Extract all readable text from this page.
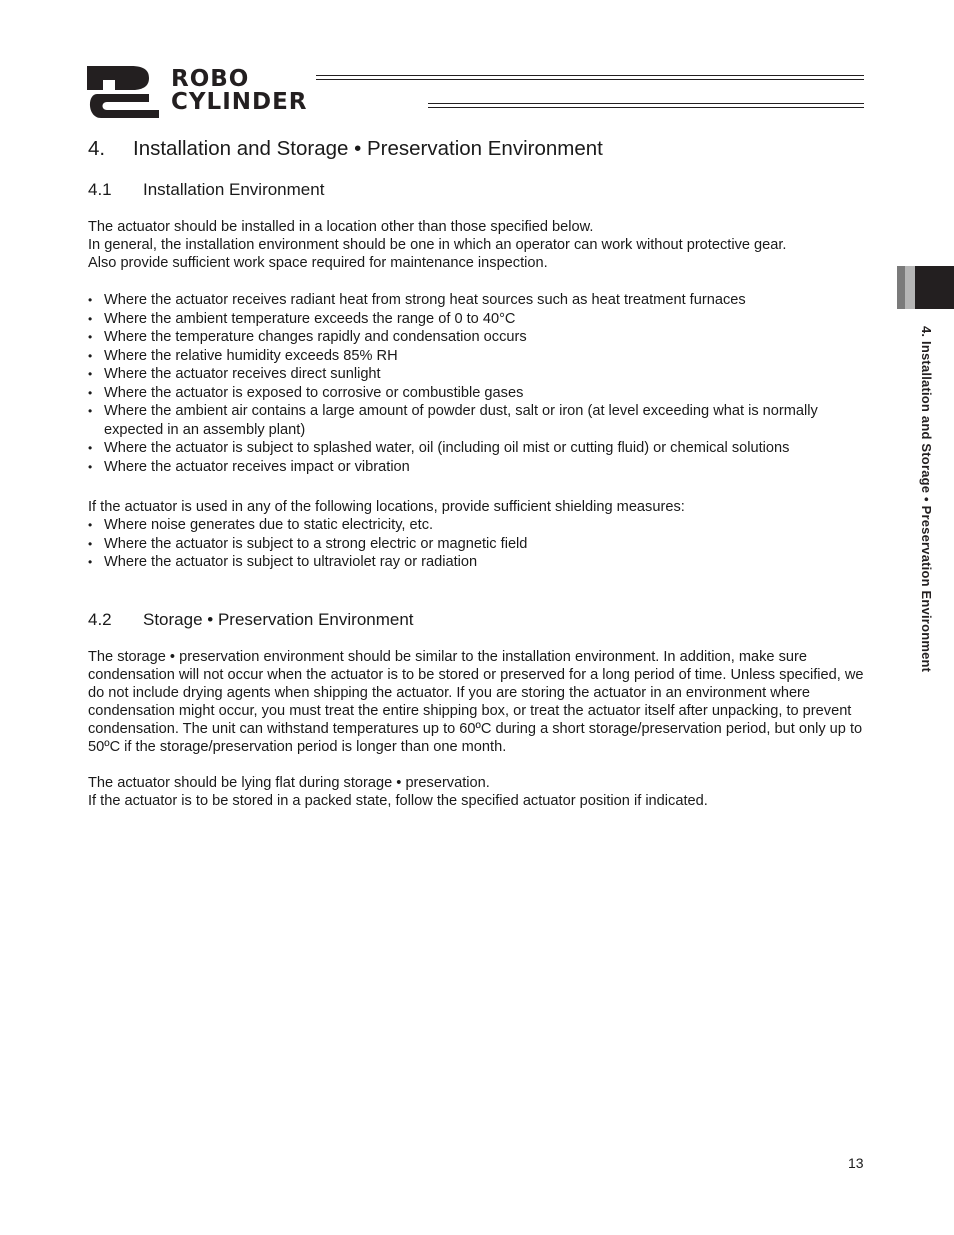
ROBO
CYLINDER
4. Installation and Storage • Preservation Environment
4.1 Installation Environment

The actuator should be installed in a location other than those specified below.

In general, the installation environment should be one in which an operator can work without protective gear.

Also provide sufficient work space required for maintenance inspection.

• Where the actuator receives radiant heat from strong heat sources such as heat treatment furnaces
• Where the ambient temperature exceeds the range of 0 to 40°C
• Where the temperature changes rapidly and condensation occurs
• Where the relative humidity exceeds 85% RH
• Where the actuator receives direct sunlight
• Where the actuator is exposed to corrosive or combustible gases
• Where the ambient air contains a large amount of powder dust, salt or iron (at level exceeding what is normally expected in an assembly plant)
• Where the actuator is subject to splashed water, oil (including oil mist or cutting fluid) or chemical solutions
• Where the actuator receives impact or vibration

If the actuator is used in any of the following locations, provide sufficient shielding measures:

• Where noise generates due to static electricity, etc.
• Where the actuator is subject to a strong electric or magnetic field
• Where the actuator is subject to ultraviolet ray or radiation
4.2 Storage • Preservation Environment

The storage • preservation environment should be similar to the installation environment. In addition, make sure condensation will not occur when the actuator is to be stored or preserved for a long period of time. Unless specified, we do not include drying agents when shipping the actuator. If you are storing the actuator in an environment where condensation might occur, you must treat the entire shipping box, or treat the actuator itself after unpacking, to prevent condensation. The unit can withstand temperatures up to 60ºC during a short storage/preservation period, but only up to 50ºC if the storage/preservation period is longer than one month.

The actuator should be lying flat during storage • preservation.

If the actuator is to be stored in a packed state, follow the specified actuator position if indicated.

4. Installation and Storage • Preservation Environment
13
